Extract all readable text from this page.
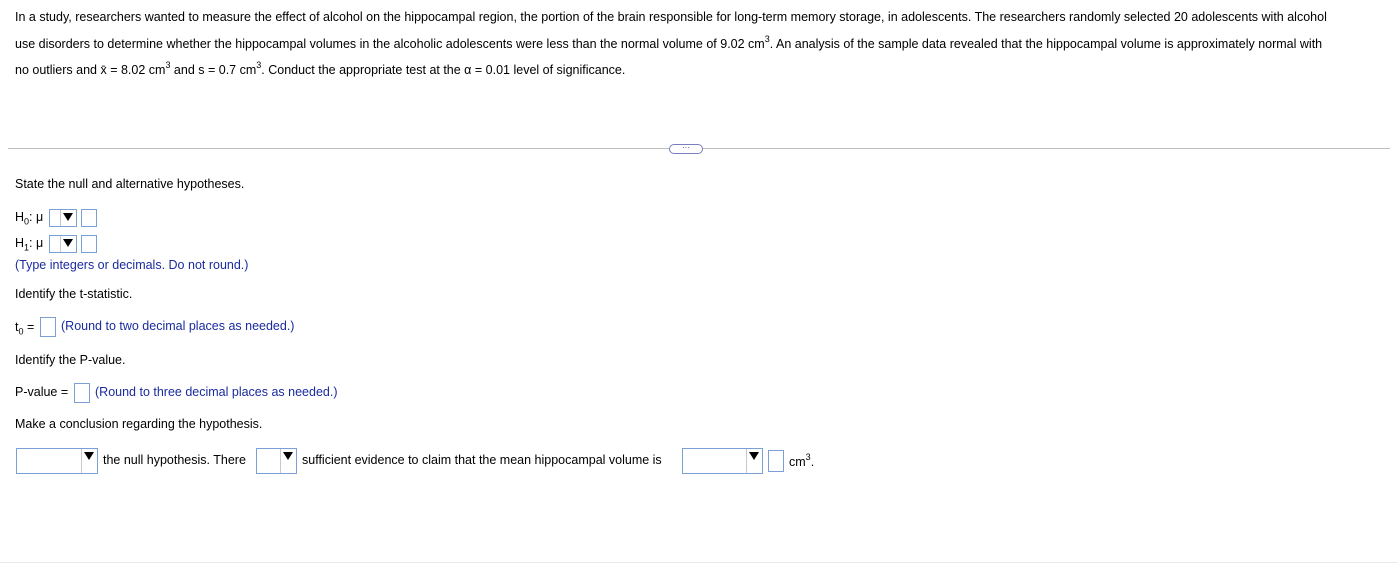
In a study, researchers wanted to measure the effect of alcohol on the hippocampal region, the portion of the brain responsible for long-term memory storage, in adolescents. The researchers randomly selected 20 adolescents with alcohol
use disorders to determine whether the hippocampal volumes in the alcoholic adolescents were less than the normal volume of 9.02 $cm^3$. An analysis of the sample data revealed that the hippocampal volume is approximately normal with
no outliers and x̄ = 8.02 $cm^3$ and s = 0.7 $cm^3$. Conduct the appropriate test at the α = 0.01 level of significance.
···
State the null and alternative hypotheses.
$H_0$: μ
$H_1$: μ
(Type integers or decimals. Do not round.)
Identify the t-statistic.
$t_0$ = (Round to two decimal places as needed.)
Identify the P-value.
P-value = (Round to three decimal places as needed.)
Make a conclusion regarding the hypothesis.
the null hypothesis. There	sufficient evidence to claim that the mean hippocampal volume is	$cm^3$.
